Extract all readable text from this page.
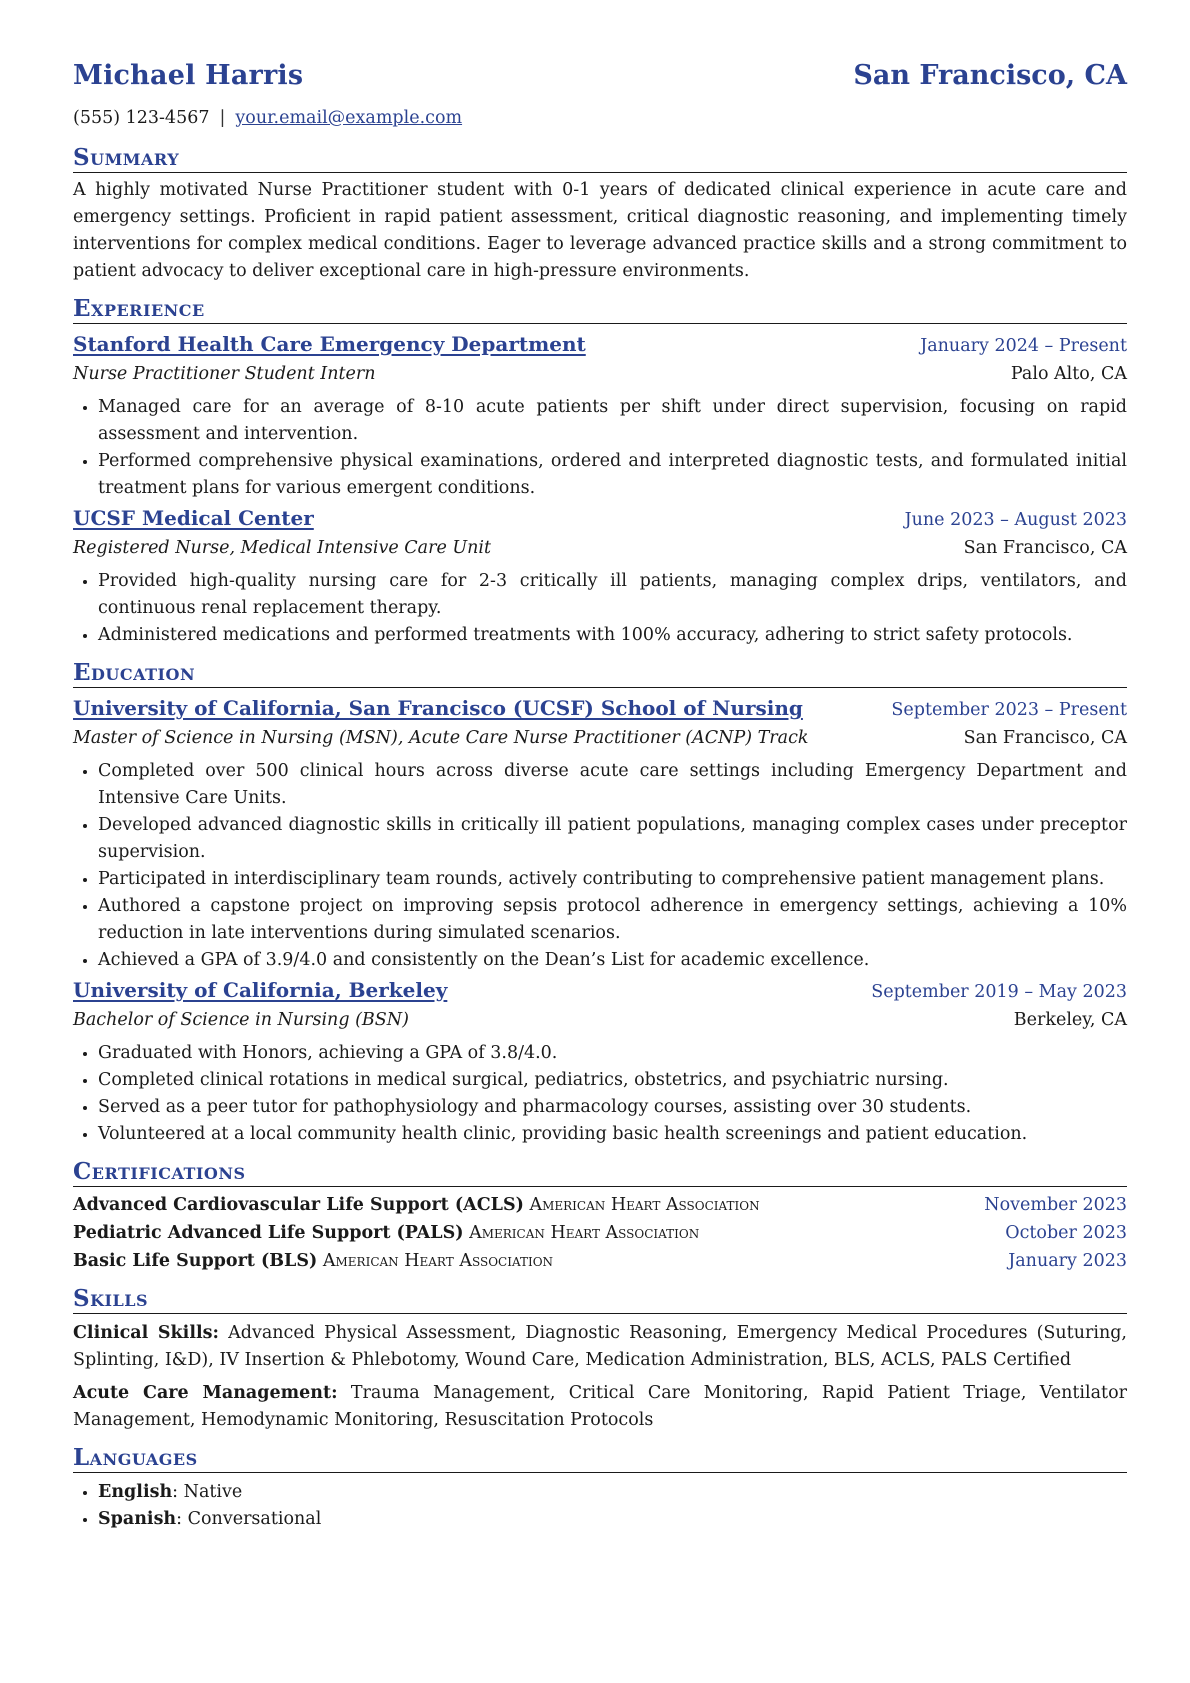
Michael Harris	San Francisco, CA
(555) 123-4567 | your.email@example.com
Summary

A highly motivated Nurse Practitioner student with 0-1 years of dedicated clinical experience in acute care and emergency settings. Proficient in rapid patient assessment, critical diagnostic reasoning, and implementing timely interventions for complex medical conditions. Eager to leverage advanced practice skills and a strong commitment to patient advocacy to deliver exceptional care in high-pressure environments.

Experience
Stanford Health Care Emergency Department	January 2024 – Present
Nurse Practitioner Student Intern	Palo Alto, CA
• Managed care for an average of 8-10 acute patients per shift under direct supervision, focusing on rapid assessment and intervention.
• Performed comprehensive physical examinations, ordered and interpreted diagnostic tests, and formulated initial treatment plans for various emergent conditions.
UCSF Medical Center	June 2023 – August 2023
Registered Nurse, Medical Intensive Care Unit	San Francisco, CA
• Provided high-quality nursing care for 2-3 critically ill patients, managing complex drips, ventilators, and continuous renal replacement therapy.
• Administered medications and performed treatments with 100% accuracy, adhering to strict safety protocols.
Education
University of California, San Francisco (UCSF) School of Nursing	September 2023 – Present
Master of Science in Nursing (MSN), Acute Care Nurse Practitioner (ACNP) Track	San Francisco, CA
• Completed over 500 clinical hours across diverse acute care settings including Emergency Department and Intensive Care Units.
• Developed advanced diagnostic skills in critically ill patient populations, managing complex cases under preceptor supervision.
• Participated in interdisciplinary team rounds, actively contributing to comprehensive patient management plans.
• Authored a capstone project on improving sepsis protocol adherence in emergency settings, achieving a 10% reduction in late interventions during simulated scenarios.
• Achieved a GPA of 3.9/4.0 and consistently on the Dean’s List for academic excellence.
University of California, Berkeley	September 2019 – May 2023
Bachelor of Science in Nursing (BSN)	Berkeley, CA
• Graduated with Honors, achieving a GPA of 3.8/4.0.
• Completed clinical rotations in medical surgical, pediatrics, obstetrics, and psychiatric nursing.
• Served as a peer tutor for pathophysiology and pharmacology courses, assisting over 30 students.
• Volunteered at a local community health clinic, providing basic health screenings and patient education.
Certifications
Advanced Cardiovascular Life Support (ACLS) American Heart Association	November 2023
Pediatric Advanced Life Support (PALS) American Heart Association	October 2023
Basic Life Support (BLS) American Heart Association	January 2023
Skills

Clinical Skills: Advanced Physical Assessment, Diagnostic Reasoning, Emergency Medical Procedures (Suturing, Splinting, I&D), IV Insertion & Phlebotomy, Wound Care, Medication Administration, BLS, ACLS, PALS Certified

Acute Care Management: Trauma Management, Critical Care Monitoring, Rapid Patient Triage, Ventilator Management, Hemodynamic Monitoring, Resuscitation Protocols

Languages
• English: Native
• Spanish: Conversational
